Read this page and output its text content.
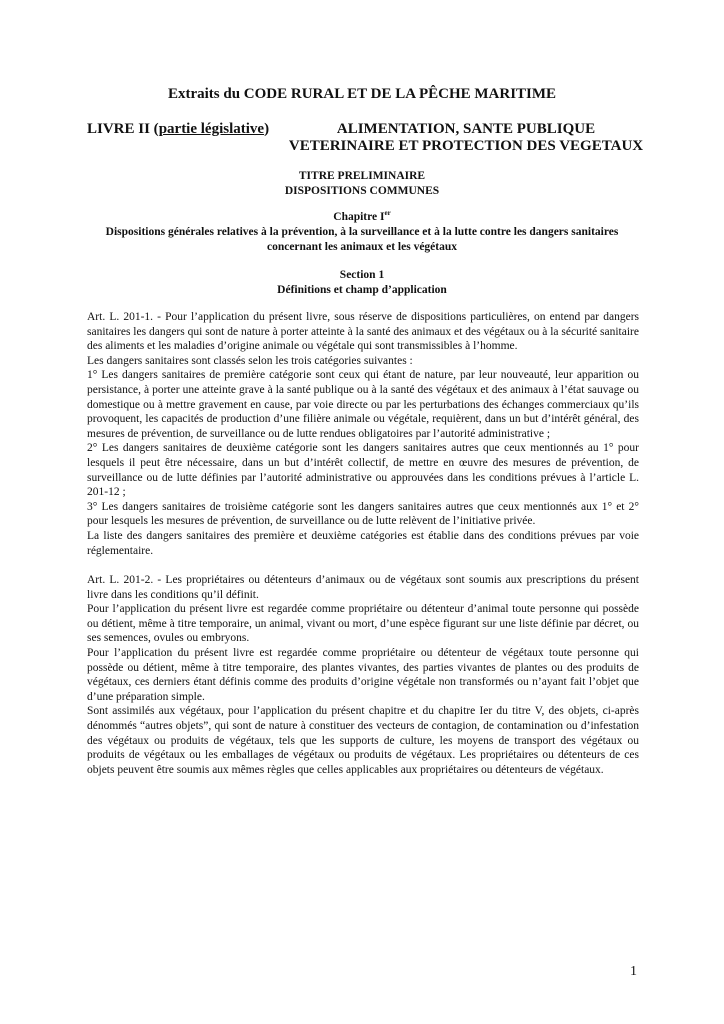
Extraits du CODE RURAL ET DE LA PÊCHE MARITIME
LIVRE II (partie législative)	ALIMENTATION, SANTE PUBLIQUE
VETERINAIRE ET PROTECTION DES VEGETAUX
TITRE PRELIMINAIRE
DISPOSITIONS COMMUNES
Chapitre Ier
Dispositions générales relatives à la prévention, à la surveillance et à la lutte contre les dangers sanitaires
concernant les animaux et les végétaux
Section 1
Définitions et champ d’application

Art. L. 201-1. - Pour l’application du présent livre, sous réserve de dispositions particulières, on entend par dangers sanitaires les dangers qui sont de nature à porter atteinte à la santé des animaux et des végétaux ou à la sécurité sanitaire des aliments et les maladies d’origine animale ou végétale qui sont transmissibles à l’homme.

Les dangers sanitaires sont classés selon les trois catégories suivantes :

1° Les dangers sanitaires de première catégorie sont ceux qui étant de nature, par leur nouveauté, leur apparition ou persistance, à porter une atteinte grave à la santé publique ou à la santé des végétaux et des animaux à l’état sauvage ou domestique ou à mettre gravement en cause, par voie directe ou par les perturbations des échanges commerciaux qu’ils provoquent, les capacités de production d’une filière animale ou végétale, requièrent, dans un but d’intérêt général, des mesures de prévention, de surveillance ou de lutte rendues obligatoires par l’autorité administrative ;

2° Les dangers sanitaires de deuxième catégorie sont les dangers sanitaires autres que ceux mentionnés au 1° pour lesquels il peut être nécessaire, dans un but d’intérêt collectif, de mettre en œuvre des mesures de prévention, de surveillance ou de lutte définies par l’autorité administrative ou approuvées dans les conditions prévues à l’article L. 201-12 ;

3° Les dangers sanitaires de troisième catégorie sont les dangers sanitaires autres que ceux mentionnés aux 1° et 2° pour lesquels les mesures de prévention, de surveillance ou de lutte relèvent de l’initiative privée.

La liste des dangers sanitaires des première et deuxième catégories est établie dans des conditions prévues par voie réglementaire.

Art. L. 201-2. - Les propriétaires ou détenteurs d’animaux ou de végétaux sont soumis aux prescriptions du présent livre dans les conditions qu’il définit.

Pour l’application du présent livre est regardée comme propriétaire ou détenteur d’animal toute personne qui possède ou détient, même à titre temporaire, un animal, vivant ou mort, d’une espèce figurant sur une liste définie par décret, ou ses semences, ovules ou embryons.

Pour l’application du présent livre est regardée comme propriétaire ou détenteur de végétaux toute personne qui possède ou détient, même à titre temporaire, des plantes vivantes, des parties vivantes de plantes ou des produits de végétaux, ces derniers étant définis comme des produits d’origine végétale non transformés ou n’ayant fait l’objet que d’une préparation simple.

Sont assimilés aux végétaux, pour l’application du présent chapitre et du chapitre Ier du titre V, des objets, ci-après dénommés “autres objets”, qui sont de nature à constituer des vecteurs de contagion, de contamination ou d’infestation des végétaux ou produits de végétaux, tels que les supports de culture, les moyens de transport des végétaux ou produits de végétaux ou les emballages de végétaux ou produits de végétaux. Les propriétaires ou détenteurs de ces objets peuvent être soumis aux mêmes règles que celles applicables aux propriétaires ou détenteurs de végétaux.

1
